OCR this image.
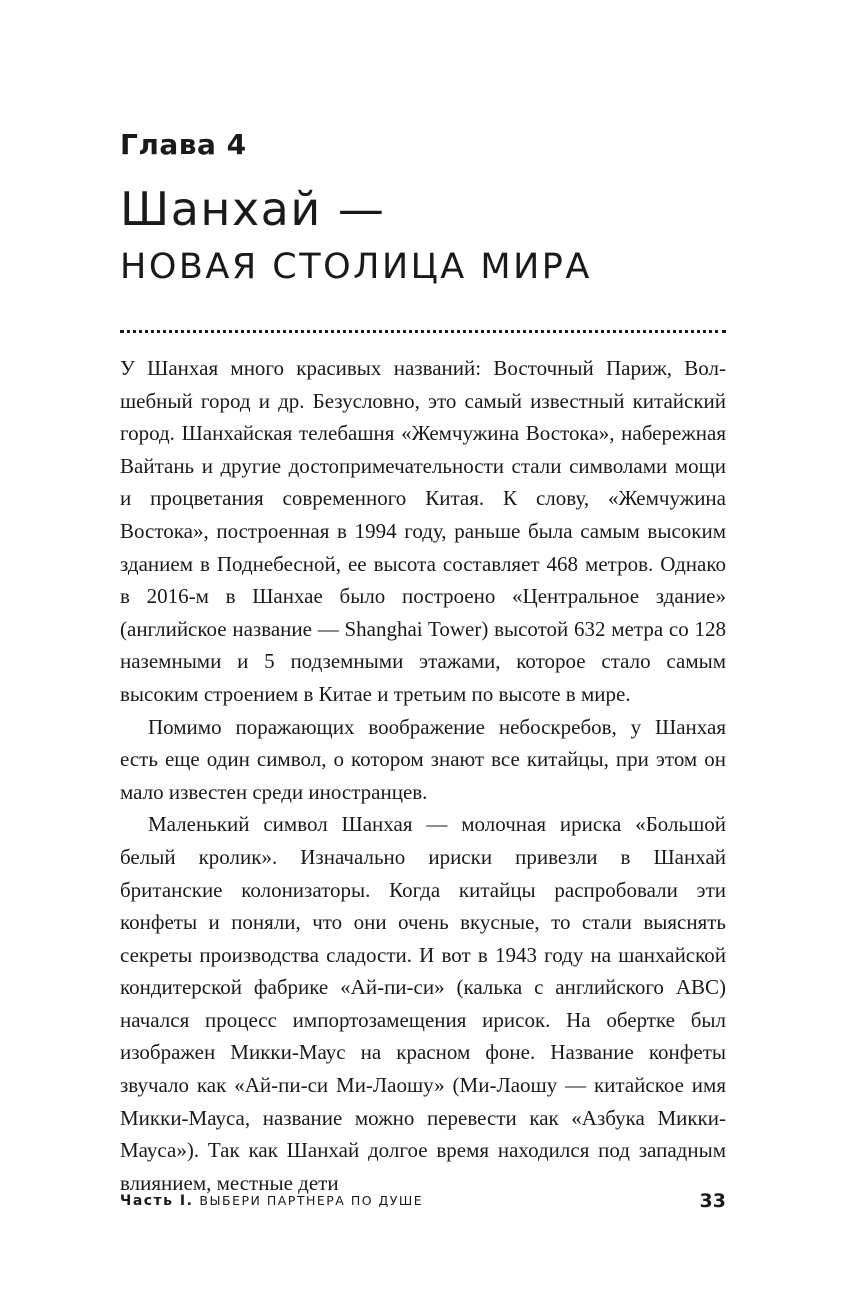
Глава 4
Шанхай —
НОВАЯ СТОЛИЦА МИРА

У Шанхая много красивых названий: Восточный Париж, Волшебный город и др. Безусловно, это самый известный китайский город. Шанхайская телебашня «Жемчужина Востока», набережная Вайтань и другие достопримечательности стали символами мощи и процветания современного Китая. К слову, «Жемчужина Востока», построенная в 1994 году, раньше была самым высоким зданием в Поднебесной, ее высота составляет 468 метров. Однако в 2016-м в Шанхае было построено «Центральное здание» (английское название — Shanghai Tower) высотой 632 метра со 128 наземными и 5 подземными этажами, которое стало самым высоким строением в Китае и третьим по высоте в мире.

Помимо поражающих воображение небоскребов, у Шанхая есть еще один символ, о котором знают все китайцы, при этом он мало известен среди иностранцев.

Маленький символ Шанхая — молочная ириска «Большой белый кролик». Изначально ириски привезли в Шанхай британские колонизаторы. Когда китайцы распробовали эти конфеты и поняли, что они очень вкусные, то стали выяснять секреты производства сладости. И вот в 1943 году на шанхайской кондитерской фабрике «Ай-пи-си» (калька с английского ABC) начался процесс импортозамещения ирисок. На обертке был изображен Микки-Маус на красном фоне. Название конфеты звучало как «Ай-пи-си Ми-Лаошу» (Ми-Лаошу — китайское имя Микки-Мауса, название можно перевести как «Азбука Микки-Мауса»). Так как Шанхай долгое время находился под западным влиянием, местные дети

Часть I. ВЫБЕРИ ПАРТНЕРА ПО ДУШЕ	33
